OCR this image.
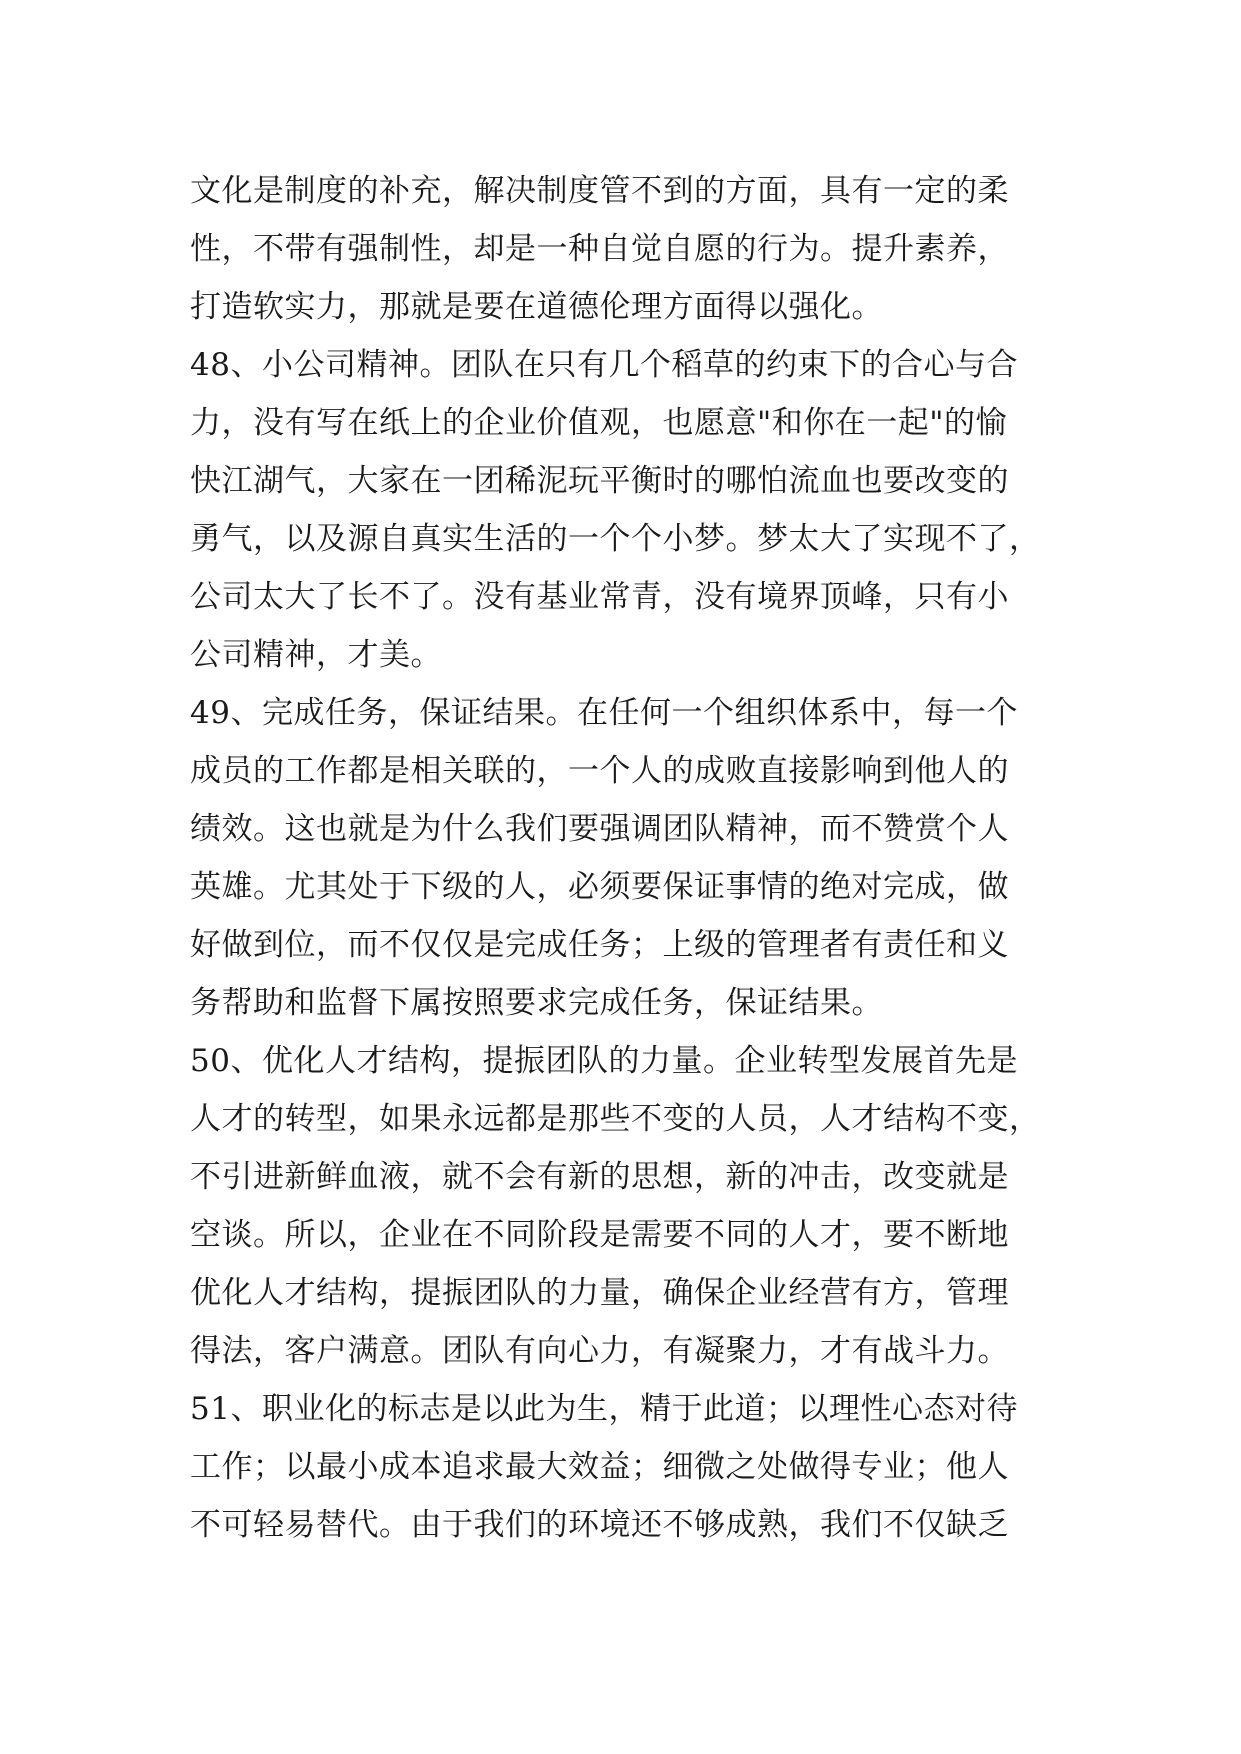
文化是制度的补充，解决制度管不到的方面，具有一定的柔
性，不带有强制性，却是一种自觉自愿的行为。提升素养，
打造软实力，那就是要在道德伦理方面得以强化。
48、小公司精神。团队在只有几个稻草的约束下的合心与合
力，没有写在纸上的企业价值观，也愿意"和你在一起"的愉
快江湖气，大家在一团稀泥玩平衡时的哪怕流血也要改变的
勇气，以及源自真实生活的一个个小梦。梦太大了实现不了，
公司太大了长不了。没有基业常青，没有境界顶峰，只有小
公司精神，才美。
49、完成任务，保证结果。在任何一个组织体系中，每一个
成员的工作都是相关联的，一个人的成败直接影响到他人的
绩效。这也就是为什么我们要强调团队精神，而不赞赏个人
英雄。尤其处于下级的人，必须要保证事情的绝对完成，做
好做到位，而不仅仅是完成任务；上级的管理者有责任和义
务帮助和监督下属按照要求完成任务，保证结果。
50、优化人才结构，提振团队的力量。企业转型发展首先是
人才的转型，如果永远都是那些不变的人员，人才结构不变，
不引进新鲜血液，就不会有新的思想，新的冲击，改变就是
空谈。所以，企业在不同阶段是需要不同的人才，要不断地
优化人才结构，提振团队的力量，确保企业经营有方，管理
得法，客户满意。团队有向心力，有凝聚力，才有战斗力。
51、职业化的标志是以此为生，精于此道；以理性心态对待
工作；以最小成本追求最大效益；细微之处做得专业；他人
不可轻易替代。由于我们的环境还不够成熟，我们不仅缺乏
